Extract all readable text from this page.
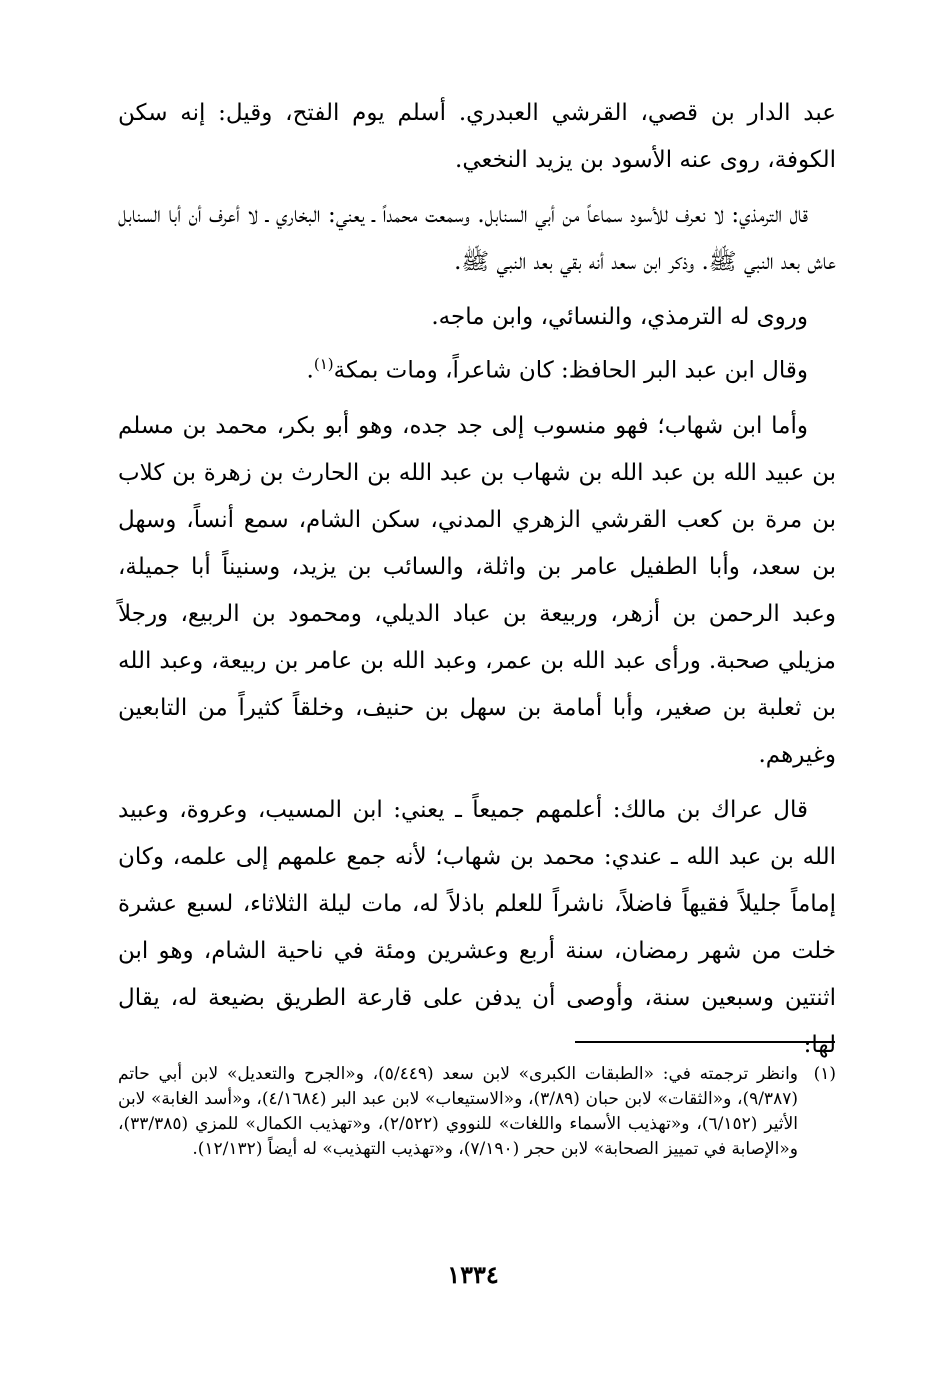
عبد الدار بن قصي، القرشي العبدري. أسلم يوم الفتح، وقيل: إنه سكن الكوفة، روى عنه الأسود بن يزيد النخعي.

قال الترمذي: لا نعرف للأسود سماعاً من أبي السنابل. وسمعت محمداً ـ يعني: البخاري ـ لا أعرف أن أبا السنابل عاش بعد النبي ﷺ. وذكر ابن سعد أنه بقي بعد النبي ﷺ.

وروى له الترمذي، والنسائي، وابن ماجه.

وقال ابن عبد البر الحافظ: كان شاعراً، ومات بمكة$^{(١)}$.

وأما ابن شهاب؛ فهو منسوب إلى جد جده، وهو أبو بكر، محمد بن مسلم بن عبيد الله بن عبد الله بن شهاب بن عبد الله بن الحارث بن زهرة بن كلاب بن مرة بن كعب القرشي الزهري المدني، سكن الشام، سمع أنساً، وسهل بن سعد، وأبا الطفيل عامر بن واثلة، والسائب بن يزيد، وسنيناً أبا جميلة، وعبد الرحمن بن أزهر، وربيعة بن عباد الديلي، ومحمود بن الربيع، ورجلاً مزيلي صحبة. ورأى عبد الله بن عمر، وعبد الله بن عامر بن ربيعة، وعبد الله بن ثعلبة بن صغير، وأبا أمامة بن سهل بن حنيف، وخلقاً كثيراً من التابعين وغيرهم.

قال عراك بن مالك: أعلمهم جميعاً ـ يعني: ابن المسيب، وعروة، وعبيد الله بن عبد الله ـ عندي: محمد بن شهاب؛ لأنه جمع علمهم إلى علمه، وكان إماماً جليلاً فقيهاً فاضلاً، ناشراً للعلم باذلاً له، مات ليلة الثلاثاء، لسبع عشرة خلت من شهر رمضان، سنة أربع وعشرين ومئة في ناحية الشام، وهو ابن اثنتين وسبعين سنة، وأوصى أن يدفن على قارعة الطريق بضيعة له، يقال لها:

(١)
وانظر ترجمته في: «الطبقات الكبرى» لابن سعد (٥/٤٤٩)، و«الجرح والتعديل» لابن أبي حاتم (٩/٣٨٧)، و«الثقات» لابن حبان (٣/٨٩)، و«الاستيعاب» لابن عبد البر (٤/١٦٨٤)، و«أسد الغابة» لابن الأثير (٦/١٥٢)، و«تهذيب الأسماء واللغات» للنووي (٢/٥٢٢)، و«تهذيب الكمال» للمزي (٣٣/٣٨٥)، و«الإصابة في تمييز الصحابة» لابن حجر (٧/١٩٠)، و«تهذيب التهذيب» له أيضاً (١٢/١٣٢).
١٣٣٤
